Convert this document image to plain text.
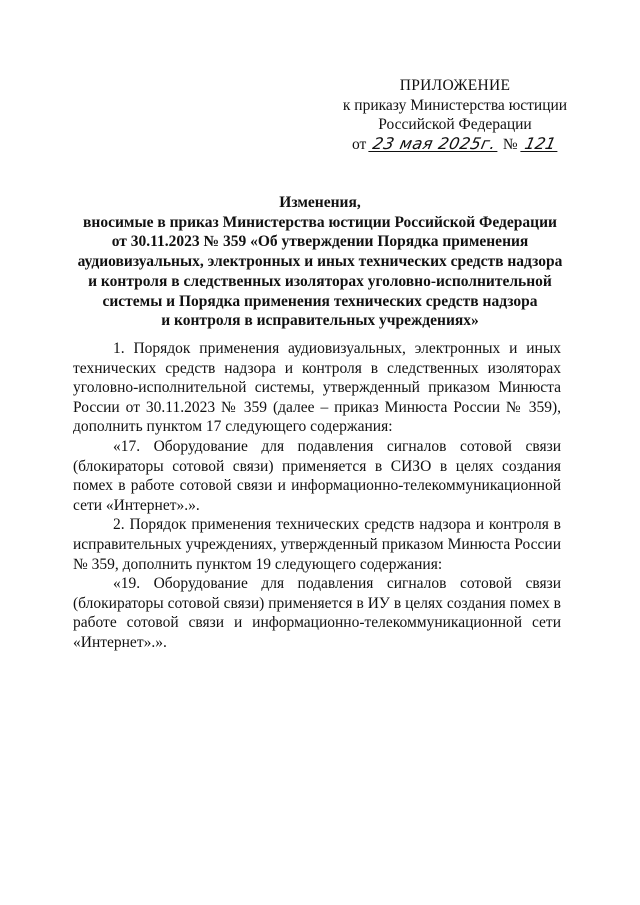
ПРИЛОЖЕНИЕ
к приказу Министерства юстиции
Российской Федерации
от 23 мая 2025г. № 121
Изменения,
вносимые в приказ Министерства юстиции Российской Федерации
от 30.11.2023 № 359 «Об утверждении Порядка применения
аудиовизуальных, электронных и иных технических средств надзора
и контроля в следственных изоляторах уголовно-исполнительной
системы и Порядка применения технических средств надзора
и контроля в исправительных учреждениях»

1. Порядок применения аудиовизуальных, электронных и иных технических средств надзора и контроля в следственных изоляторах уголовно-исполнительной системы, утвержденный приказом Минюста России от 30.11.2023 № 359 (далее – приказ Минюста России № 359), дополнить пунктом 17 следующего содержания:

«17. Оборудование для подавления сигналов сотовой связи (блокираторы сотовой связи) применяется в СИЗО в целях создания помех в работе сотовой связи и информационно-телекоммуникационной сети «Интернет».».

2. Порядок применения технических средств надзора и контроля в исправительных учреждениях, утвержденный приказом Минюста России № 359, дополнить пунктом 19 следующего содержания:

«19. Оборудование для подавления сигналов сотовой связи (блокираторы сотовой связи) применяется в ИУ в целях создания помех в работе сотовой связи и информационно-телекоммуникационной сети «Интернет».».
